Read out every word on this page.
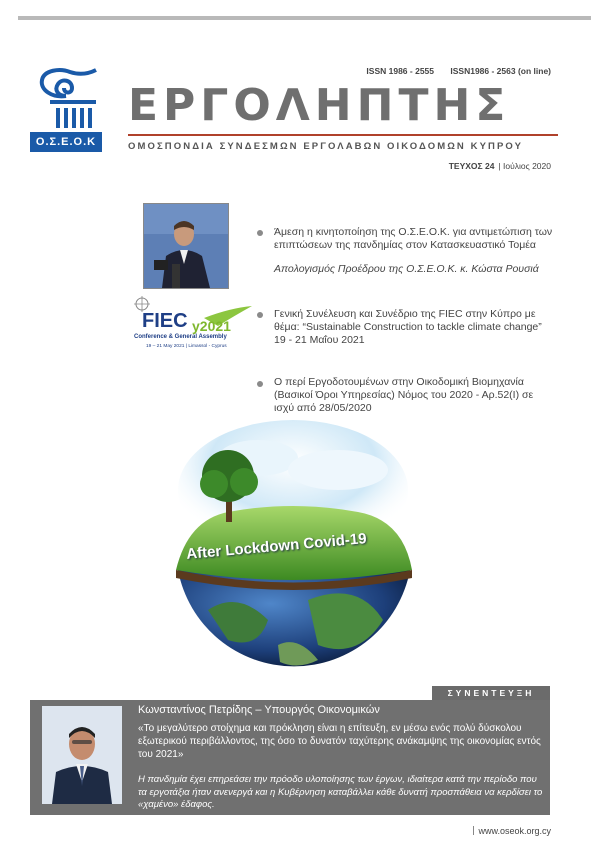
Ο.Σ.Ε.Ο.Κ
ISSN 1986 - 2555 ISSN1986 - 2563 (on line)
ΕΡΓΟΛΗΠΤΗΣ
ΟΜΟΣΠΟΝΔΙΑ ΣΥΝΔΕΣΜΩΝ ΕΡΓΟΛΑΒΩΝ ΟΙΚΟΔΟΜΩΝ ΚΥΠΡΟΥ
ΤΕΥΧΟΣ 24 | Ιούλιος 2020
Άμεση η κινητοποίηση της Ο.Σ.Ε.Ο.Κ. για αντιμετώπιση των επιπτώσεων της πανδημίας στον Κατασκευαστικό Τομέα
Απολογισμός Προέδρου της Ο.Σ.Ε.Ο.Κ. κ. Κώστα Ρουσιά
FIEC y2021
Conference & General Assembly
19 – 21 May 2021 | Limassol - Cyprus
Γενική Συνέλευση και Συνέδριο της FIEC στην Κύπρο με θέμα: “Sustainable Construction to tackle climate change” 19 - 21 Μαΐου 2021
Ο περί Εργοδοτουμένων στην Οικοδομική Βιομηχανία (Βασικοί Όροι Υπηρεσίας) Νόμος του 2020 - Αρ.52(Ι) σε ισχύ από 28/05/2020
After Lockdown Covid-19
ΣΥΝΕΝΤΕΥΞΗ
Κωνσταντίνος Πετρίδης – Υπουργός Οικονομικών
«Το μεγαλύτερο στοίχημα και πρόκληση είναι η επίτευξη, εν μέσω ενός πολύ δύσκολου εξωτερικού περιβάλλοντος, της όσο το δυνατόν ταχύτερης ανάκαμψης της οικονομίας εντός του 2021»
Η πανδημία έχει επηρεάσει την πρόοδο υλοποίησης των έργων, ιδιαίτερα κατά την περίοδο που τα εργοτάξια ήταν ανενεργά και η Κυβέρνηση καταβάλλει κάθε δυνατή προσπάθεια να κερδίσει το «χαμένο» έδαφος.
www.oseok.org.cy
